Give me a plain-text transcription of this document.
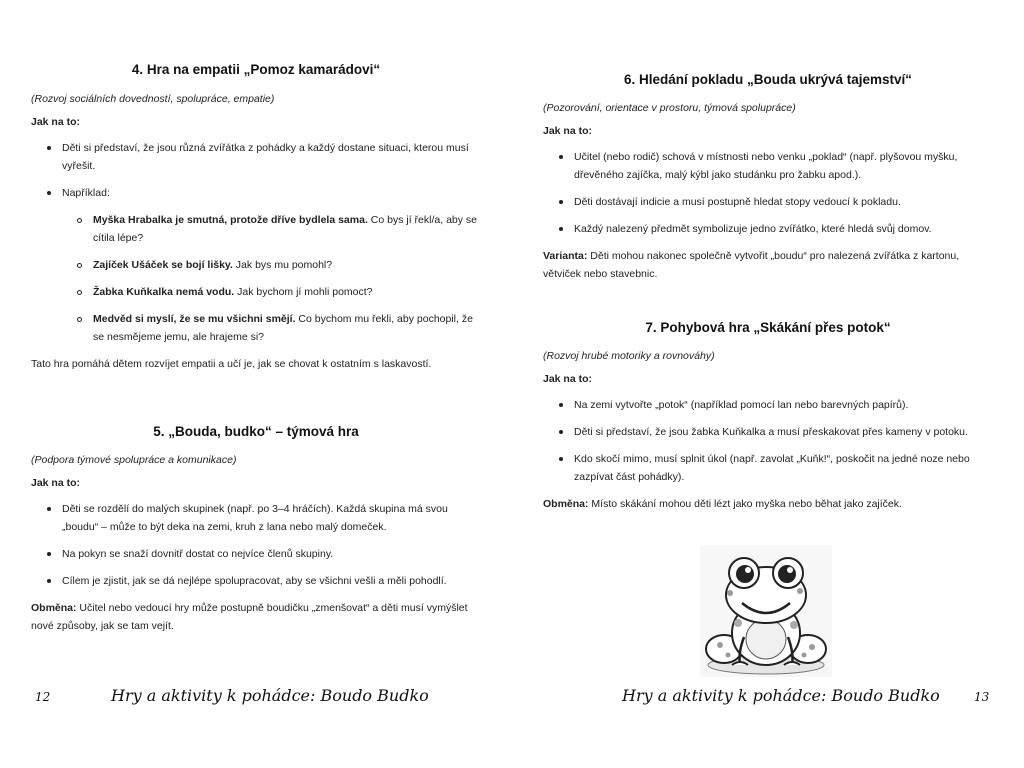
4. Hra na empatii „Pomoz kamarádovi“

(Rozvoj sociálních dovedností, spolupráce, empatie)

Jak na to:

Děti si představí, že jsou různá zvířátka z pohádky a každý dostane situaci, kterou musí vyřešit.
Například:
Myška Hrabalka je smutná, protože dříve bydlela sama. Co bys jí řekl/a, aby se cítila lépe?
Zajíček Ušáček se bojí lišky. Jak bys mu pomohl?
Žabka Kuňkalka nemá vodu. Jak bychom jí mohli pomoct?
Medvěd si myslí, že se mu všichni smějí. Co bychom mu řekli, aby pochopil, že se nesmějeme jemu, ale hrajeme si?

Tato hra pomáhá dětem rozvíjet empatii a učí je, jak se chovat k ostatním s laskavostí.

5. „Bouda, budko“ – týmová hra

(Podpora týmové spolupráce a komunikace)

Jak na to:

Děti se rozdělí do malých skupinek (např. po 3–4 hráčích). Každá skupina má svou „boudu“ – může to být deka na zemi, kruh z lana nebo malý domeček.
Na pokyn se snaží dovnitř dostat co nejvíce členů skupiny.
Cílem je zjistit, jak se dá nejlépe spolupracovat, aby se všichni vešli a měli pohodlí.

Obměna: Učitel nebo vedoucí hry může postupně boudičku „zmenšovat“ a děti musí vymýšlet nové způsoby, jak se tam vejít.

12	Hry a aktivity k pohádce: Boudo Budko
6. Hledání pokladu „Bouda ukrývá tajemství“

(Pozorování, orientace v prostoru, týmová spolupráce)

Jak na to:

Učitel (nebo rodič) schová v místnosti nebo venku „poklad“ (např. plyšovou myšku, dřevěného zajíčka, malý kýbl jako studánku pro žabku apod.).
Děti dostávají indicie a musí postupně hledat stopy vedoucí k pokladu.
Každý nalezený předmět symbolizuje jedno zvířátko, které hledá svůj domov.

Varianta: Děti mohou nakonec společně vytvořit „boudu“ pro nalezená zvířátka z kartonu, větviček nebo stavebnic.

7. Pohybová hra „Skákání přes potok“

(Rozvoj hrubé motoriky a rovnováhy)

Jak na to:

Na zemi vytvořte „potok“ (například pomocí lan nebo barevných papírů).
Děti si představí, že jsou žabka Kuňkalka a musí přeskakovat přes kameny v potoku.
Kdo skočí mimo, musí splnit úkol (např. zavolat „Kuňk!“, poskočit na jedné noze nebo zazpívat část pohádky).

Obměna: Místo skákání mohou děti lézt jako myška nebo běhat jako zajíček.

Hry a aktivity k pohádce: Boudo Budko	13
